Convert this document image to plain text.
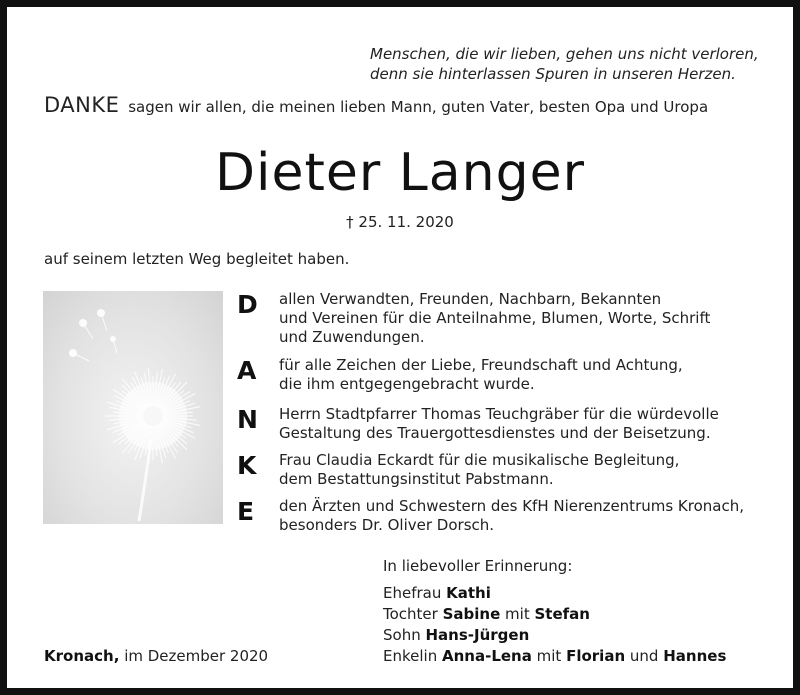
Menschen, die wir lieben, gehen uns nicht verloren,
denn sie hinterlassen Spuren in unseren Herzen.
DANKE sagen wir allen, die meinen lieben Mann, guten Vater, besten Opa und Uropa
Dieter Langer
† 25. 11. 2020
auf seinem letzten Weg begleitet haben.
D	allen Verwandten, Freunden, Nachbarn, Bekannten
und Vereinen für die Anteilnahme, Blumen, Worte, Schrift
und Zuwendungen.
A	für alle Zeichen der Liebe, Freundschaft und Achtung,
die ihm entgegengebracht wurde.
N	Herrn Stadtpfarrer Thomas Teuchgräber für die würdevolle
Gestaltung des Trauergottesdienstes und der Beisetzung.
K	Frau Claudia Eckardt für die musikalische Begleitung,
dem Bestattungsinstitut Pabstmann.
E	den Ärzten und Schwestern des KfH Nierenzentrums Kronach,
besonders Dr. Oliver Dorsch.
In liebevoller Erinnerung:
Ehefrau Kathi
Tochter Sabine mit Stefan
Sohn Hans-Jürgen
Enkelin Anna-Lena mit Florian und Hannes
Kronach, im Dezember 2020
